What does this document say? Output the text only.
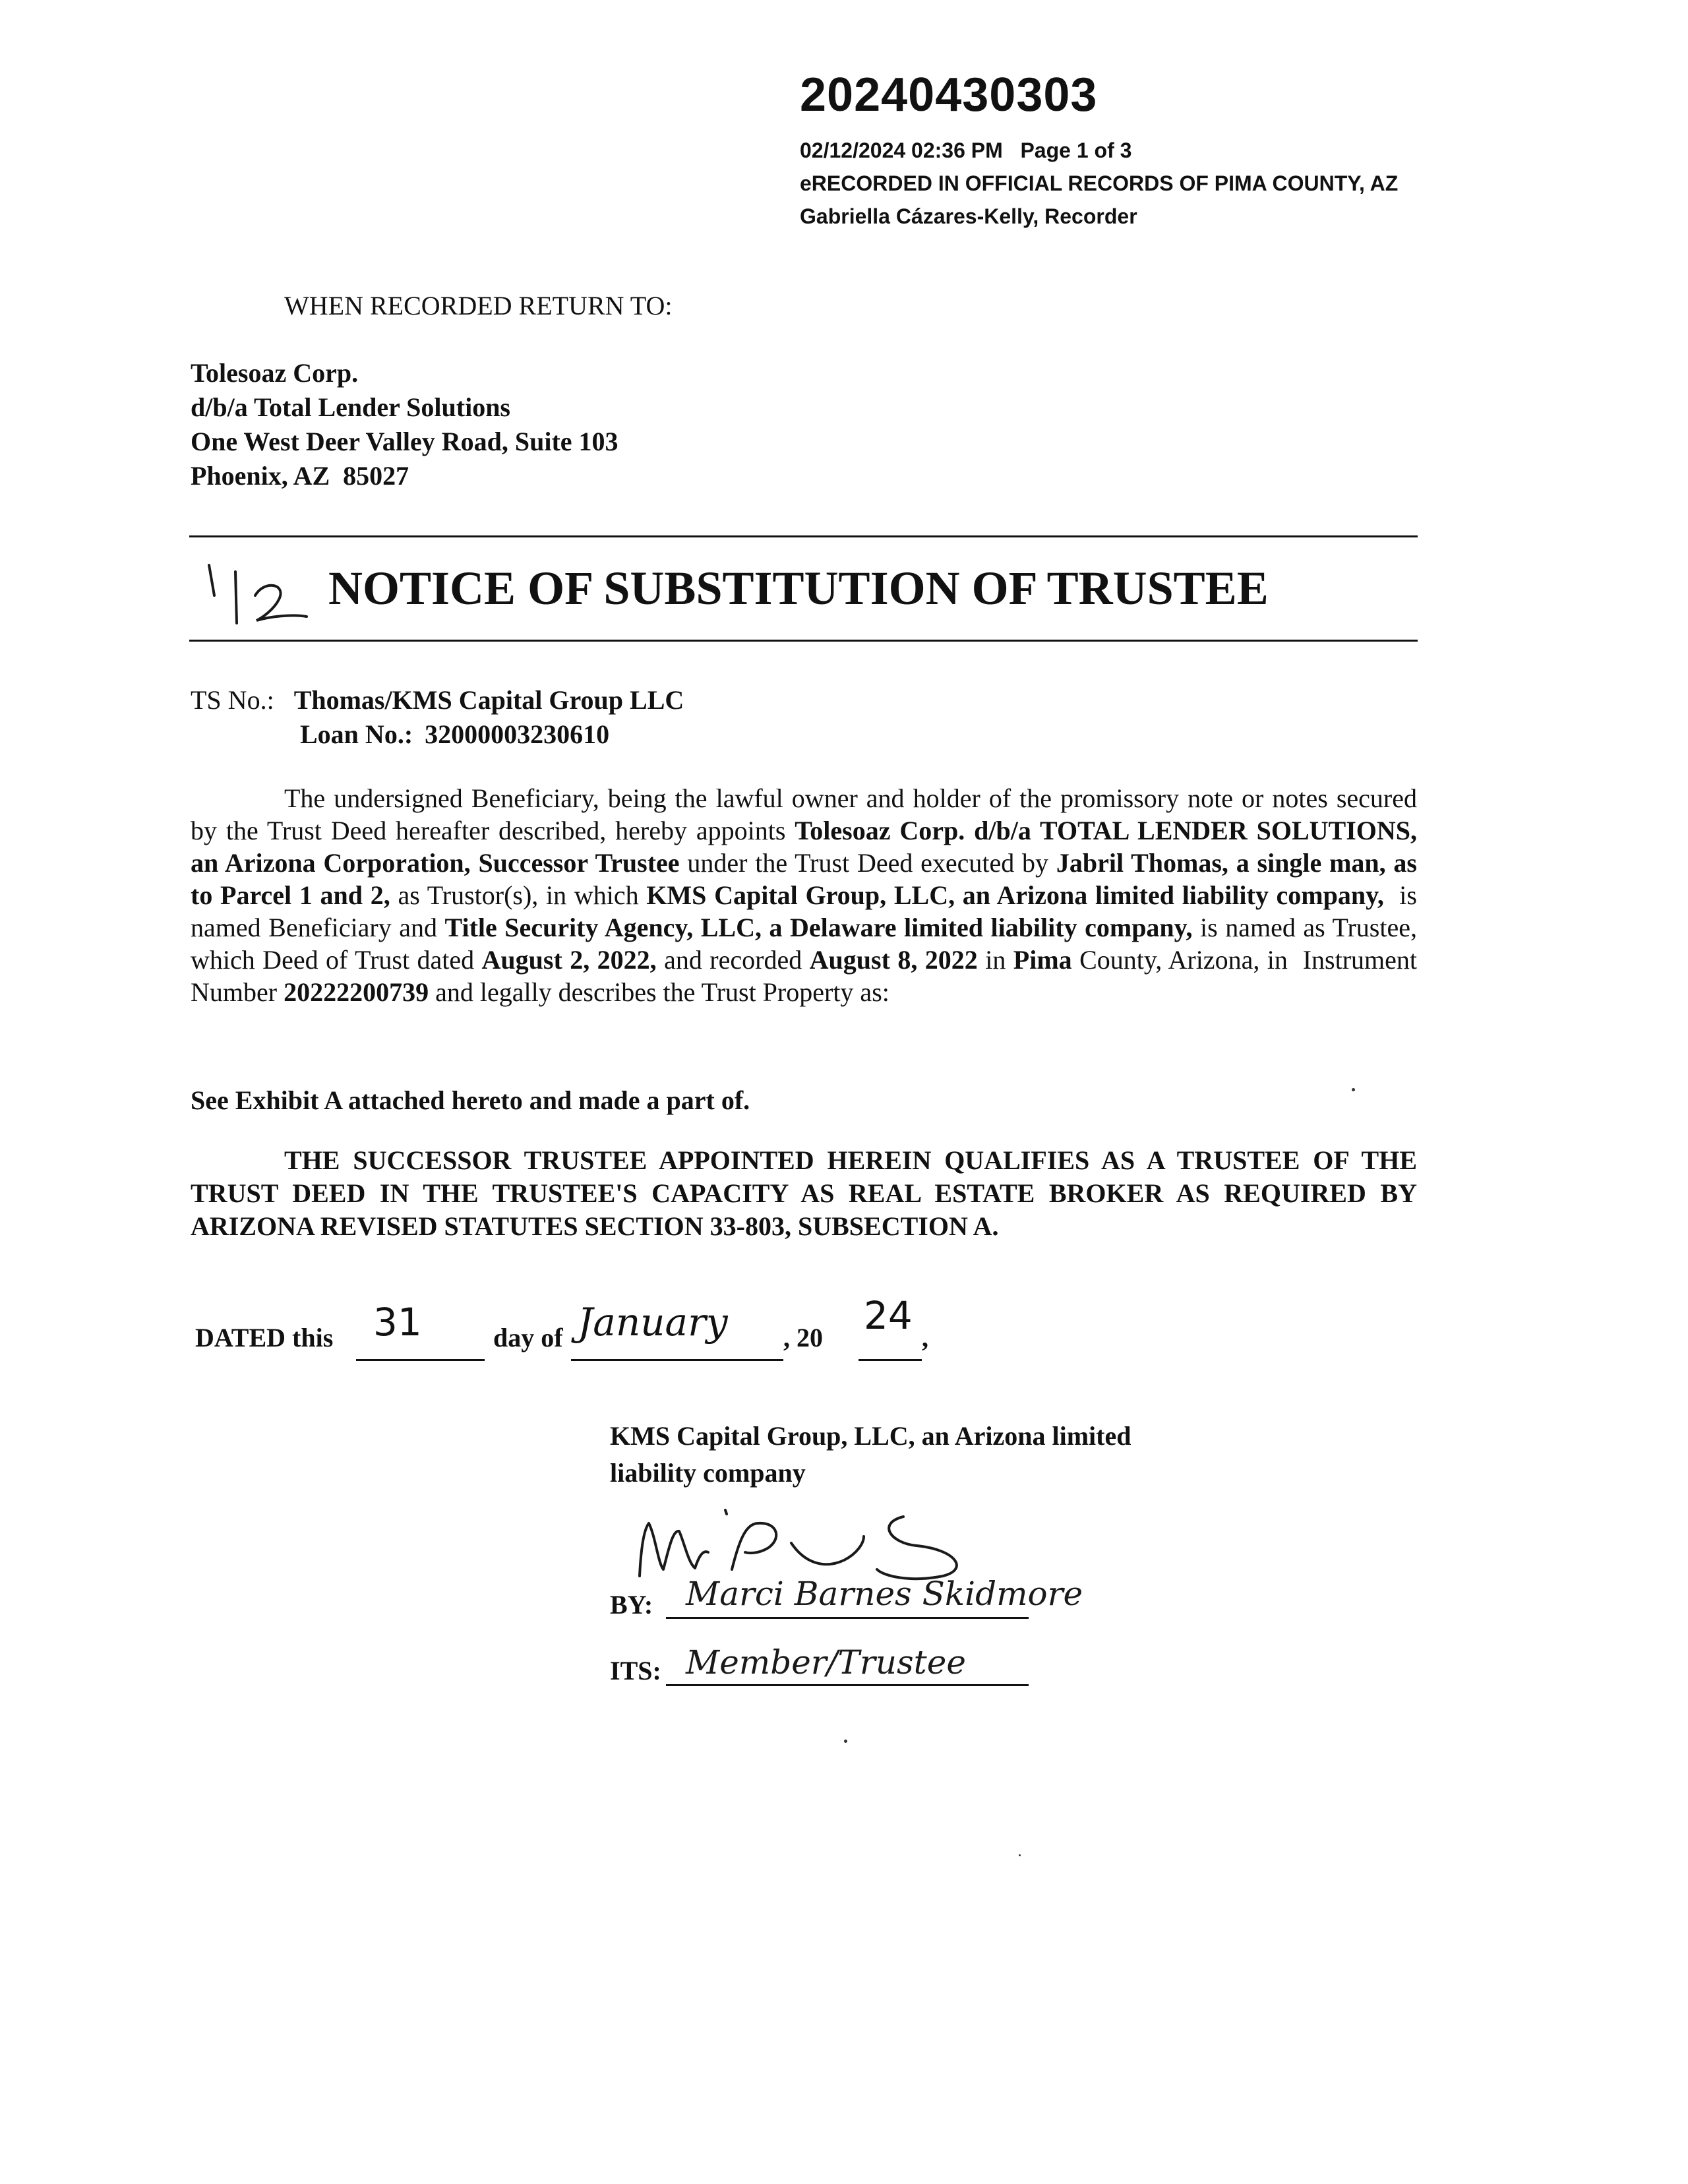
20240430303
02/12/2024 02:36 PM   Page 1 of 3
eRECORDED IN OFFICIAL RECORDS OF PIMA COUNTY, AZ
Gabriella Cázares-Kelly, Recorder
WHEN RECORDED RETURN TO:
Tolesoaz Corp.
d/b/a Total Lender Solutions
One West Deer Valley Road, Suite 103
Phoenix, AZ  85027
NOTICE OF SUBSTITUTION OF TRUSTEE
TS No.: Thomas/KMS Capital Group LLC
Loan No.: 32000003230610
The undersigned Beneficiary, being the lawful owner and holder of the promissory note or notes secured by the Trust Deed hereafter described, hereby appoints Tolesoaz Corp. d/b/a TOTAL LENDER SOLUTIONS, an Arizona Corporation, Successor Trustee under the Trust Deed executed by Jabril Thomas, a single man, as to Parcel 1 and 2, as Trustor(s), in which KMS Capital Group, LLC, an Arizona limited liability company,  is named Beneficiary and Title Security Agency, LLC, a Delaware limited liability company, is named as Trustee, which Deed of Trust dated August 2, 2022, and recorded August 8, 2022 in Pima County, Arizona, in  Instrument Number 20222200739 and legally describes the Trust Property as:
See Exhibit A attached hereto and made a part of.
THE SUCCESSOR TRUSTEE APPOINTED HEREIN QUALIFIES AS A TRUSTEE OF THE TRUST DEED IN THE TRUSTEE'S CAPACITY AS REAL ESTATE BROKER AS REQUIRED BY ARIZONA REVISED STATUTES SECTION 33-803, SUBSECTION A.
DATED this 31	day of January , 20 24 ,
KMS Capital Group, LLC, an Arizona limited
liability company
BY: Marci Barnes Skidmore
ITS: Member/Trustee
